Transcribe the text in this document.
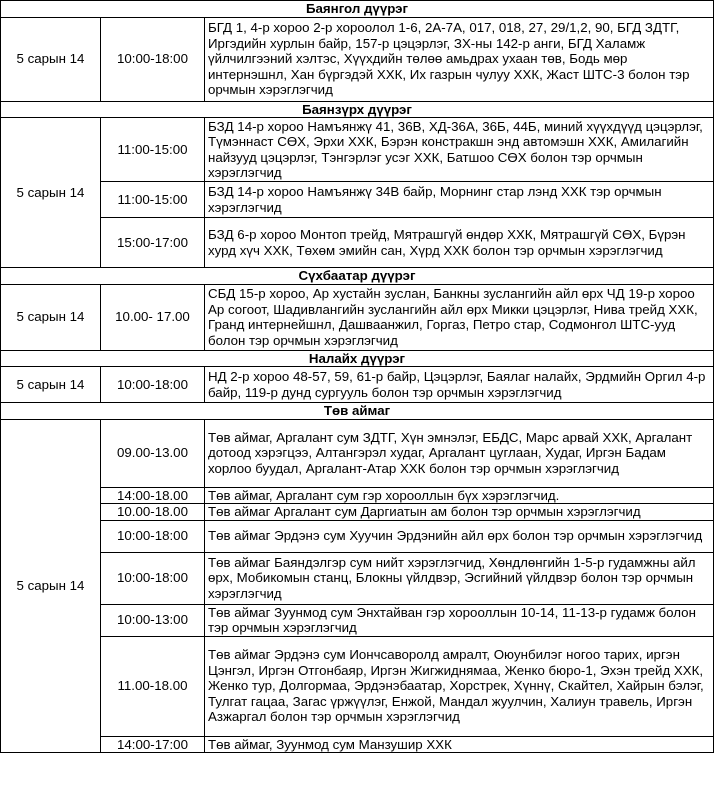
Баянгол дүүрэг		
5 сарын 14	10:00-18:00	БГД 1, 4-р хороо 2-р хороолол 1-6, 2А-7А, 017, 018, 27, 29/1,2, 90, БГД ЗДТГ, Иргэдийн хурлын байр, 157-р цэцэрлэг, ЗХ-ны 142-р анги, БГД Халамж үйлчилгээний хэлтэс, Хүүхдийн төлөө амьдрах ухаан төв, Бодь мөр интернэшнл, Хан бүргэдэй ХХК, Их газрын чулуу ХХК, Жаст ШТС-3 болон тэр орчмын хэрэглэгчид
Баянзүрх дүүрэг		
5 сарын 14	11:00-15:00	БЗД 14-р хороо Намъянжү 41, 36В, ХД-36А, 36Б, 44Б, миний хүүхдүүд цэцэрлэг, Түмэннаст СӨХ, Эрхи ХХК, Бэрэн констракшн энд автомэшн ХХК, Амилагийн найзууд цэцэрлэг, Тэнгэрлэг усэг ХХК, Батшоо СӨХ болон тэр орчмын хэрэглэгчид
	11:00-15:00	БЗД 14-р хороо Намъянжү 34В байр, Морнинг стар лэнд ХХК тэр орчмын хэрэглэгчид
	15:00-17:00	БЗД 6-р хороо Монтоп трейд, Мятрашгүй өндөр ХХК, Мятрашгүй СӨХ, Бүрэн хурд хүч ХХК, Төхөм эмийн сан, Хүрд ХХК болон тэр орчмын хэрэглэгчид
Сүхбаатар дүүрэг		
5 сарын 14	10.00- 17.00	СБД 15-р хороо, Ар хустайн зуслан, Банкны зуслангийн айл өрх ЧД 19-р хороо Ар согоот, Шадивлангийн зуслангийн айл өрх Микки цэцэрлэг, Нива трейд ХХК, Гранд интернейшнл, Дашваанжил, Горгаз, Петро стар, Содмонгол ШТС-ууд болон тэр орчмын хэрэглэгчид
Налайх дүүрэг		
5 сарын 14	10:00-18:00	НД 2-р хороо 48-57, 59, 61-р байр, Цэцэрлэг, Баялаг налайх, Эрдмийн Оргил 4-р байр, 119-р дунд сургууль болон тэр орчмын хэрэглэгчид
Төв аймаг		
5 сарын 14	09.00-13.00	Төв аймаг, Аргалант сум ЗДТГ, Хүн эмнэлэг, ЕБДС, Марс арвай ХХК, Аргалант дотоод хэрэгцээ, Алтангэрэл худаг, Аргалант цуглаан, Худаг, Иргэн Бадам хорлоо буудал, Аргалант-Атар ХХК болон тэр орчмын хэрэглэгчид
	14:00-18.00	Төв аймаг, Аргалант сум гэр хорооллын бүх хэрэглэгчид.
	10.00-18.00	Төв аймаг Аргалант сум Даргиатын ам болон тэр орчмын хэрэглэгчид
	10:00-18:00	Төв аймаг Эрдэнэ сум Хуучин Эрдэнийн айл өрх болон тэр орчмын хэрэглэгчид
	10:00-18:00	Төв аймаг Баяндэлгэр сум нийт хэрэглэгчид, Хөндлөнгийн 1-5-р гудамжны айл өрх, Мобикомын станц, Блокны үйлдвэр, Эсгийний үйлдвэр болон тэр орчмын хэрэглэгчид
	10:00-13:00	Төв аймаг Зуунмод сум Энхтайван гэр хорооллын 10-14, 11-13-р гудамж болон тэр орчмын хэрэглэгчид
	11.00-18.00	Төв аймаг Эрдэнэ сум Иончсаворолд амралт, Оюунбилэг ногоо тарих, иргэн Цэнгэл, Иргэн Отгонбаяр, Иргэн Жигжиднямаа, Женко бюро-1, Эхэн трейд ХХК, Женко тур, Долгормаа, Эрдэнэбаатар, Хорстрек, Хүннү, Скайтел, Хайрын бэлэг, Тулгат гацаа, Загас үржүүлэг, Енжой, Мандал жуулчин, Халиун травель, Иргэн Азжаргал болон тэр орчмын хэрэглэгчид
	14:00-17:00	Төв аймаг, Зуунмод сум Манзушир ХХК
